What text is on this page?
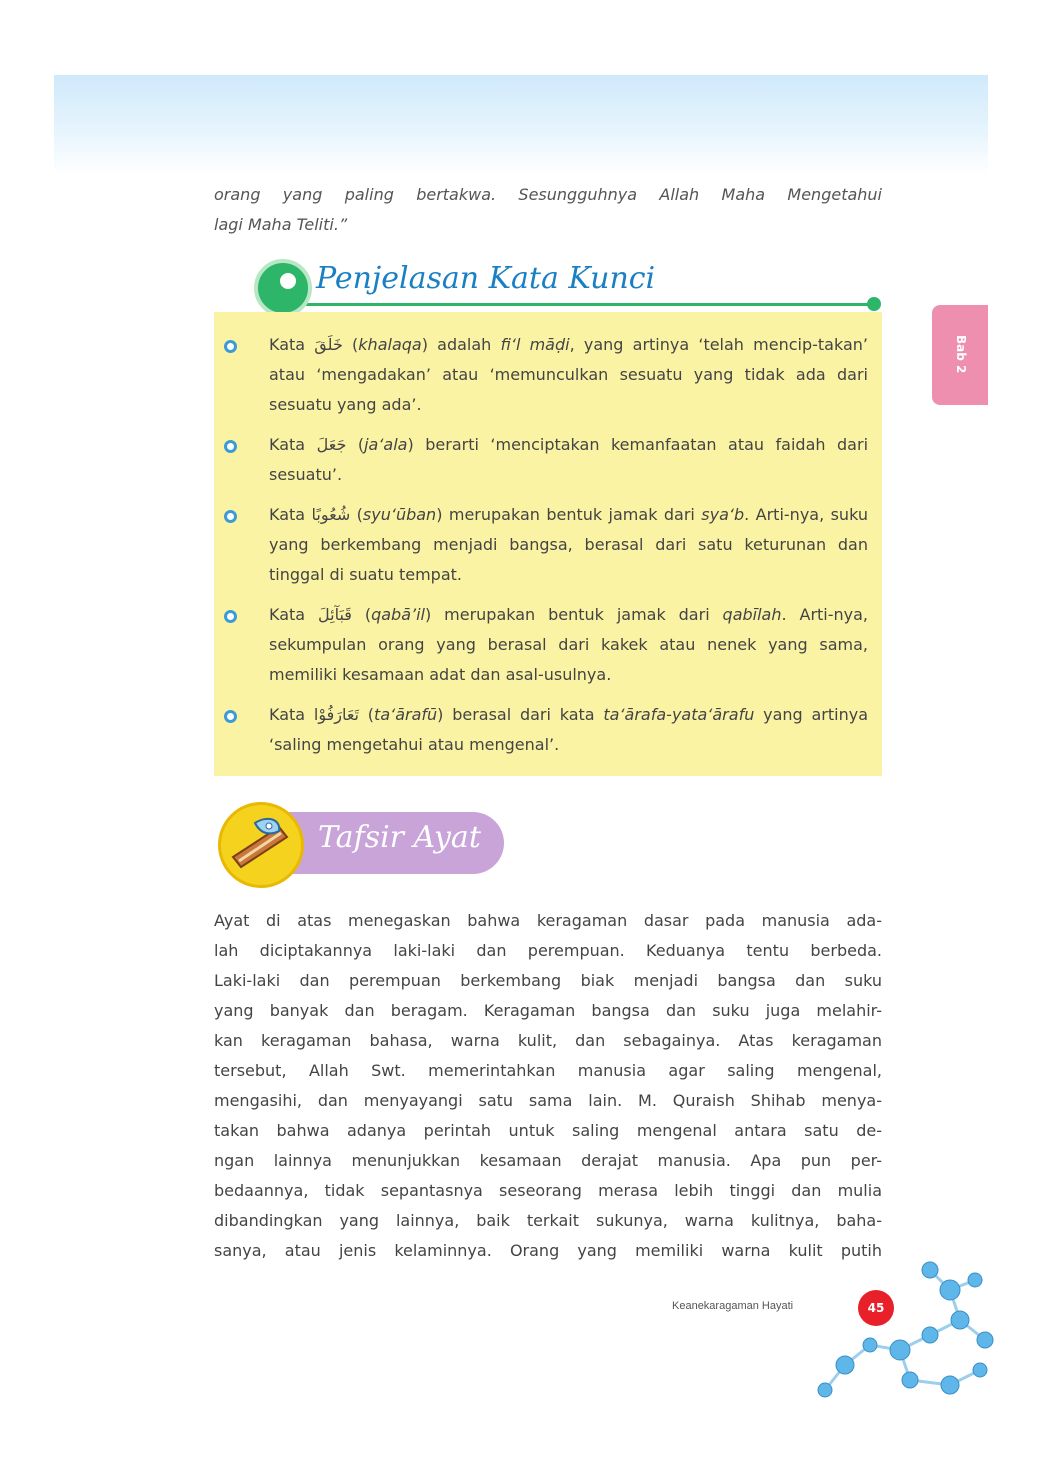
orang yang paling bertakwa. Sesungguhnya Allah Maha Mengetahui
lagi Maha Teliti.”
Bab 2
Penjelasan Kata Kunci
Kata خَلَقَ (khalaqa) adalah fi‘l māḍi, yang artinya ‘telah mencip-takan’ atau ‘mengadakan’ atau ‘memunculkan sesuatu yang tidak ada dari sesuatu yang ada’.
Kata جَعَلَ (ja‘ala) berarti ‘menciptakan kemanfaatan atau faidah dari sesuatu’.
Kata شُعُوبًا (syu‘ūban) merupakan bentuk jamak dari sya‘b. Arti-nya, suku yang berkembang menjadi bangsa, berasal dari satu keturunan dan tinggal di suatu tempat.
Kata قَبَآئِلَ (qabā’il) merupakan bentuk jamak dari qabīlah. Arti-nya, sekumpulan orang yang berasal dari kakek atau nenek yang sama, memiliki kesamaan adat dan asal-usulnya.
Kata تَعَارَفُوْا (ta‘ārafū) berasal dari kata ta‘ārafa-yata‘ārafu yang artinya ‘saling mengetahui atau mengenal’.
Tafsir Ayat
Ayat di atas menegaskan bahwa keragaman dasar pada manusia ada-
lah diciptakannya laki-laki dan perempuan. Keduanya tentu berbeda.
Laki-laki dan perempuan berkembang biak menjadi bangsa dan suku
yang banyak dan beragam. Keragaman bangsa dan suku juga melahir-
kan keragaman bahasa, warna kulit, dan sebagainya. Atas keragaman
tersebut, Allah Swt. memerintahkan manusia agar saling mengenal,
mengasihi, dan menyayangi satu sama lain. M. Quraish Shihab menya-
takan bahwa adanya perintah untuk saling mengenal antara satu de-
ngan lainnya menunjukkan kesamaan derajat manusia. Apa pun per-
bedaannya, tidak sepantasnya seseorang merasa lebih tinggi dan mulia
dibandingkan yang lainnya, baik terkait sukunya, warna kulitnya, baha-
sanya, atau jenis kelaminnya. Orang yang memiliki warna kulit putih
Keanekaragaman Hayati	45
